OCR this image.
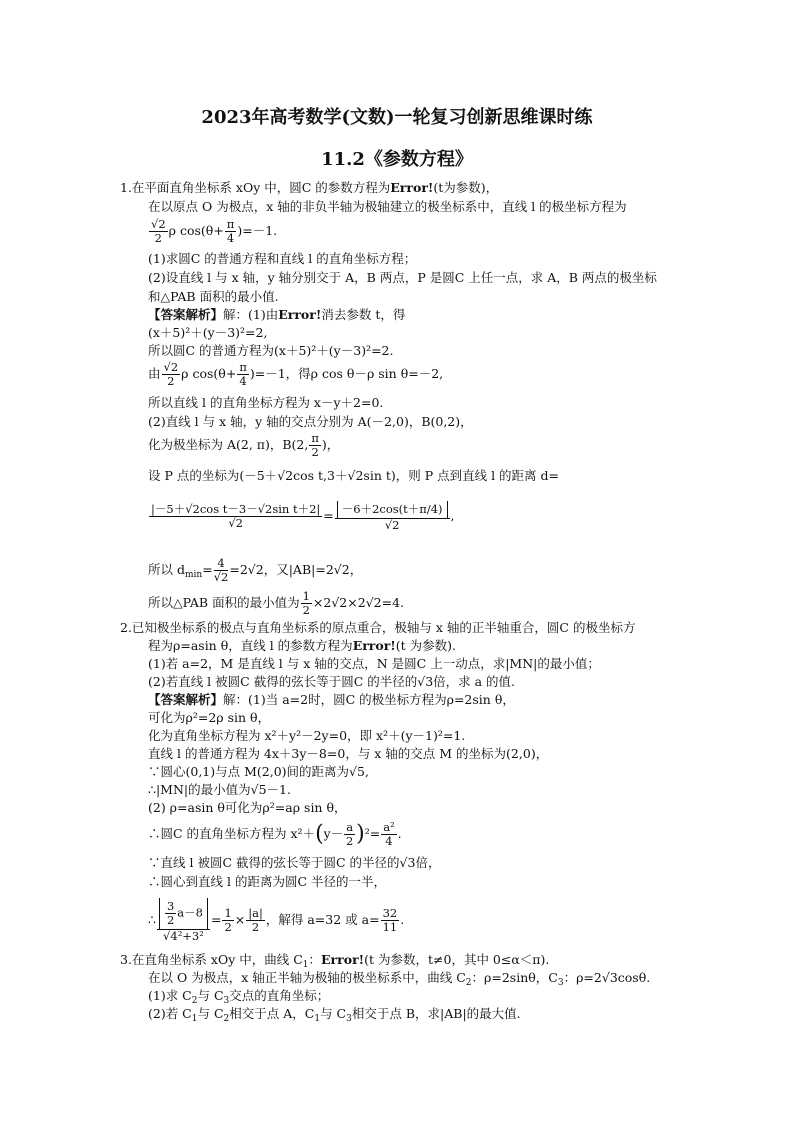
2023年高考数学(文数)一轮复习创新思维课时练
11.2《参数方程》
1.在平面直角坐标系 xOy 中，圆C 的参数方程为Error!(t为参数)，
在以原点 O 为极点，x 轴的非负半轴为极轴建立的极坐标系中，直线 l 的极坐标方程为
$\frac{√2}{2}$ ρ $\cos(\theta+ \frac{\pi}{4} )=-1$.
(1)求圆C 的普通方程和直线 l 的直角坐标方程；
(2)设直线 l 与 x 轴，y 轴分别交于 A，B 两点，P 是圆C 上任一点，求 A，B 两点的极坐标
和△PAB 面积的最小值.
【答案解析】解：(1)由Error!消去参数 t，得
(x＋5)²＋(y－3)²=2,
所以圆C 的普通方程为(x＋5)²＋(y－3)²=2.
由 $\frac{√2}{2}$ ρ $\cos(\theta+ \frac{\pi}{4} )=-1$，得ρ cos θ－ρ sin θ=－2,
所以直线 l 的直角坐标方程为 x－y＋2=0.
(2)直线 l 与 x 轴，y 轴的交点分别为 A(－2,0)，B(0,2)，
化为极坐标为 A(2, π)，B(2, $\frac{\pi}{2}$ )，
设 P 点的坐标为(－5＋√2cos t,3＋√2sin t)，则 P 点到直线 l 的距离 d=
$\frac{\text{|－5＋√2cos t－3－√2sin t＋2|}}{√2} = \frac{-6+2\cos(t+\pi/4)}{√2}$ ,
所以 $d_{min}= \frac{4}{√2} =2√2$，又|AB|=2√2，
所以△PAB 面积的最小值为 $\frac{1}{2} \times 2√2\times 2√2=4$.
2.已知极坐标系的极点与直角坐标系的原点重合，极轴与 x 轴的正半轴重合，圆C 的极坐标方
程为ρ=asin θ，直线 l 的参数方程为Error!(t 为参数).
(1)若 a=2，M 是直线 l 与 x 轴的交点，N 是圆C 上一动点，求|MN|的最小值；
(2)若直线 l 被圆C 截得的弦长等于圆C 的半径的√3倍，求 a 的值.
【答案解析】解：(1)当 a=2时，圆C 的极坐标方程为ρ=2sin θ，
可化为ρ²=2ρ sin θ，
化为直角坐标方程为 x²＋y²－2y=0，即 x²＋(y－1)²=1.
直线 l 的普通方程为 4x＋3y－8=0，与 x 轴的交点 M 的坐标为(2,0)，
∵圆心(0,1)与点 M(2,0)间的距离为√5,
∴|MN|的最小值为√5－1.
(2) ρ=asin θ可化为ρ²=aρ sin θ，
∴圆C 的直角坐标方程为 $x^2+(y- \frac{a}{2} )^2= \frac{\text{a²}}{4}$ .
∵直线 l 被圆C 截得的弦长等于圆C 的半径的√3倍，
∴圆心到直线 l 的距离为圆C 半径的一半，
∴ $\frac{\frac{3}{2} a-8}{\text{√4²+3²}} = \frac{1}{2} \times \frac{|a|}{2}$ ，解得 a=32 或 $a= \frac{32}{11}$ .
3.在直角坐标系 xOy 中，曲线 $C_1$：Error!(t 为参数，t≠0，其中 0≤α＜π).
在以 O 为极点，x 轴正半轴为极轴的极坐标系中，曲线 $C_2$：ρ=2sinθ，$C_3$：ρ=2√3cosθ.
(1)求 $C_2$与 $C_3$交点的直角坐标；
(2)若 $C_1$与 $C_2$相交于点 A，$C_1$与 $C_3$相交于点 B，求|AB|的最大值.
